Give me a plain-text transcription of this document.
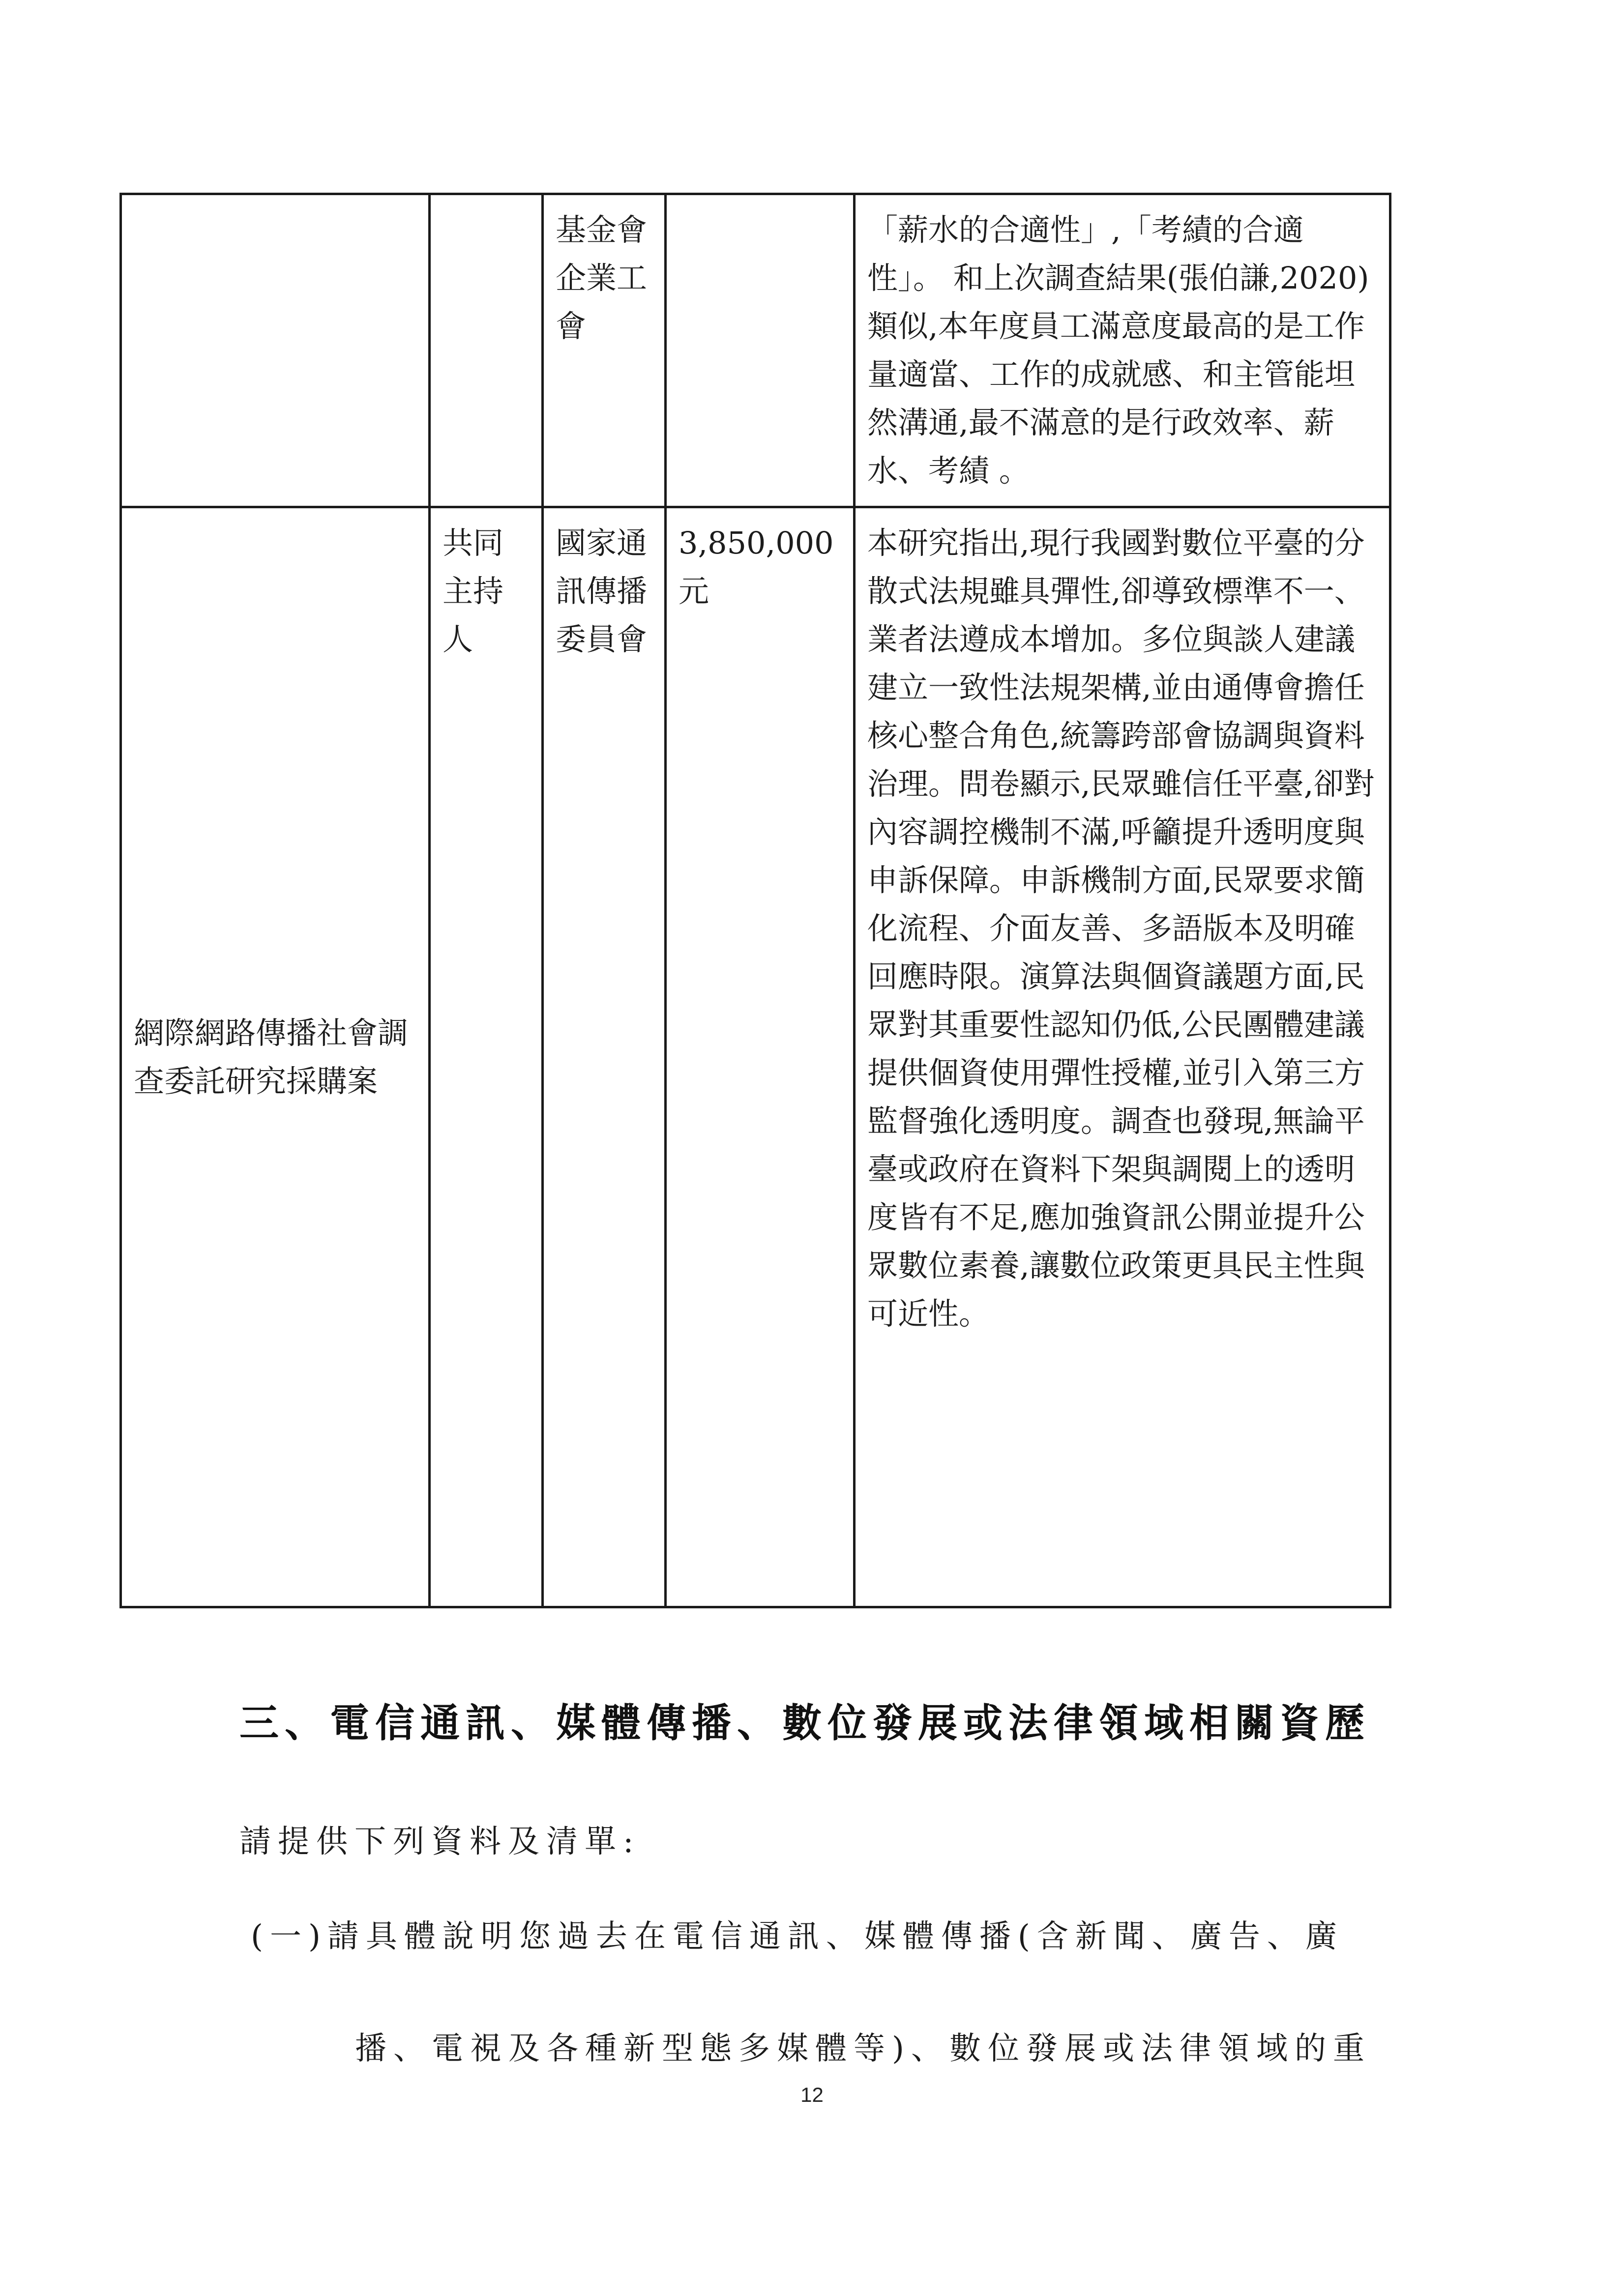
		基金會企業工會		「薪水的合適性」,「考績的合適性」。 和上次調查結果(張伯謙,2020)類似,本年度員工滿意度最高的是工作量適當、工作的成就感、和主管能坦然溝通,最不滿意的是行政效率、薪水、考績 。

網際網路傳播社會調查委託研究採購案	共同主持人	國家通訊傳播委員會	3,850,000元	本研究指出,現行我國對數位平臺的分散式法規雖具彈性,卻導致標準不一、業者法遵成本增加。多位與談人建議建立一致性法規架構,並由通傳會擔任核心整合角色,統籌跨部會協調與資料治理。問卷顯示,民眾雖信任平臺,卻對內容調控機制不滿,呼籲提升透明度與申訴保障。申訴機制方面,民眾要求簡化流程、介面友善、多語版本及明確回應時限。演算法與個資議題方面,民眾對其重要性認知仍低,公民團體建議提供個資使用彈性授權,並引入第三方監督強化透明度。調查也發現,無論平臺或政府在資料下架與調閱上的透明度皆有不足,應加強資訊公開並提升公眾數位素養,讓數位政策更具民主性與可近性。
三、電信通訊、媒體傳播、數位發展或法律領域相關資歷
請提供下列資料及清單:
(一)請具體說明您過去在電信通訊、媒體傳播(含新聞、廣告、廣
播、電視及各種新型態多媒體等)、數位發展或法律領域的重
12
